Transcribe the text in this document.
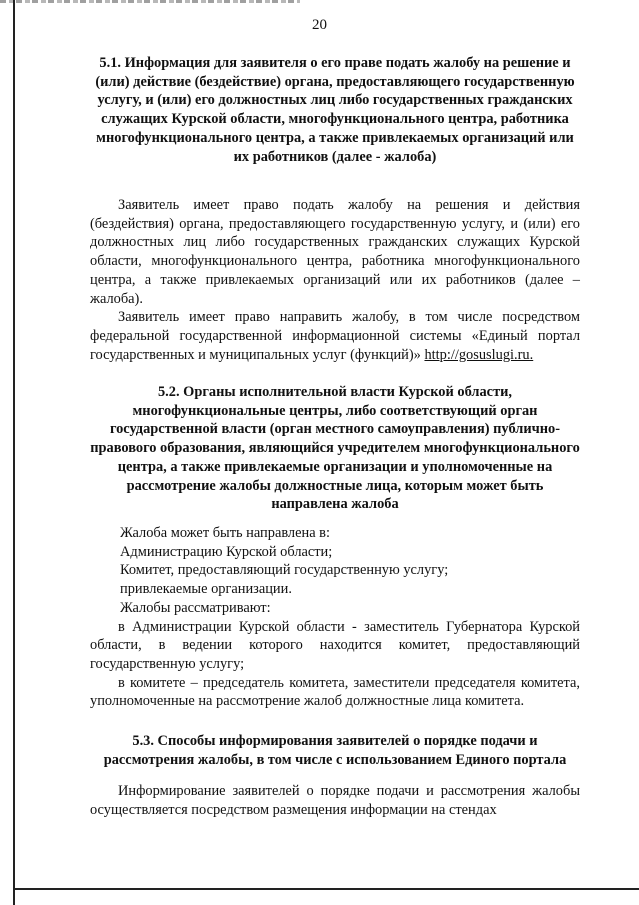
20
5.1. Информация для заявителя о его праве подать жалобу на решение и (или) действие (бездействие) органа, предоставляющего государственную услугу, и (или) его должностных лиц либо государственных гражданских служащих Курской области, многофункционального центра, работника многофункционального центра, а также привлекаемых организаций или их работников (далее - жалоба)

Заявитель имеет право подать жалобу на решения и действия (бездействия) органа, предоставляющего государственную услугу, и (или) его должностных лиц либо государственных гражданских служащих Курской области, многофункционального центра, работника многофункционального центра, а также привлекаемых организаций или их работников (далее – жалоба).

Заявитель имеет право направить жалобу, в том числе посредством федеральной государственной информационной системы «Единый портал государственных и муниципальных услуг (функций)» http://gosuslugi.ru.

5.2. Органы исполнительной власти Курской области, многофункциональные центры, либо соответствующий орган государственной власти (орган местного самоуправления) публично-правового образования, являющийся учредителем многофункционального центра, а также привлекаемые организации и уполномоченные на рассмотрение жалобы должностные лица, которым может быть направлена жалоба

Жалоба может быть направлена в:

Администрацию Курской области;

Комитет, предоставляющий государственную услугу;

привлекаемые организации.

Жалобы рассматривают:

в Администрации Курской области - заместитель Губернатора Курской области, в ведении которого находится комитет, предоставляющий государственную услугу;

в комитете – председатель комитета, заместители председателя комитета, уполномоченные на рассмотрение жалоб должностные лица комитета.

5.3. Способы информирования заявителей о порядке подачи и рассмотрения жалобы, в том числе с использованием Единого портала

Информирование заявителей о порядке подачи и рассмотрения жалобы осуществляется посредством размещения информации на стендах
